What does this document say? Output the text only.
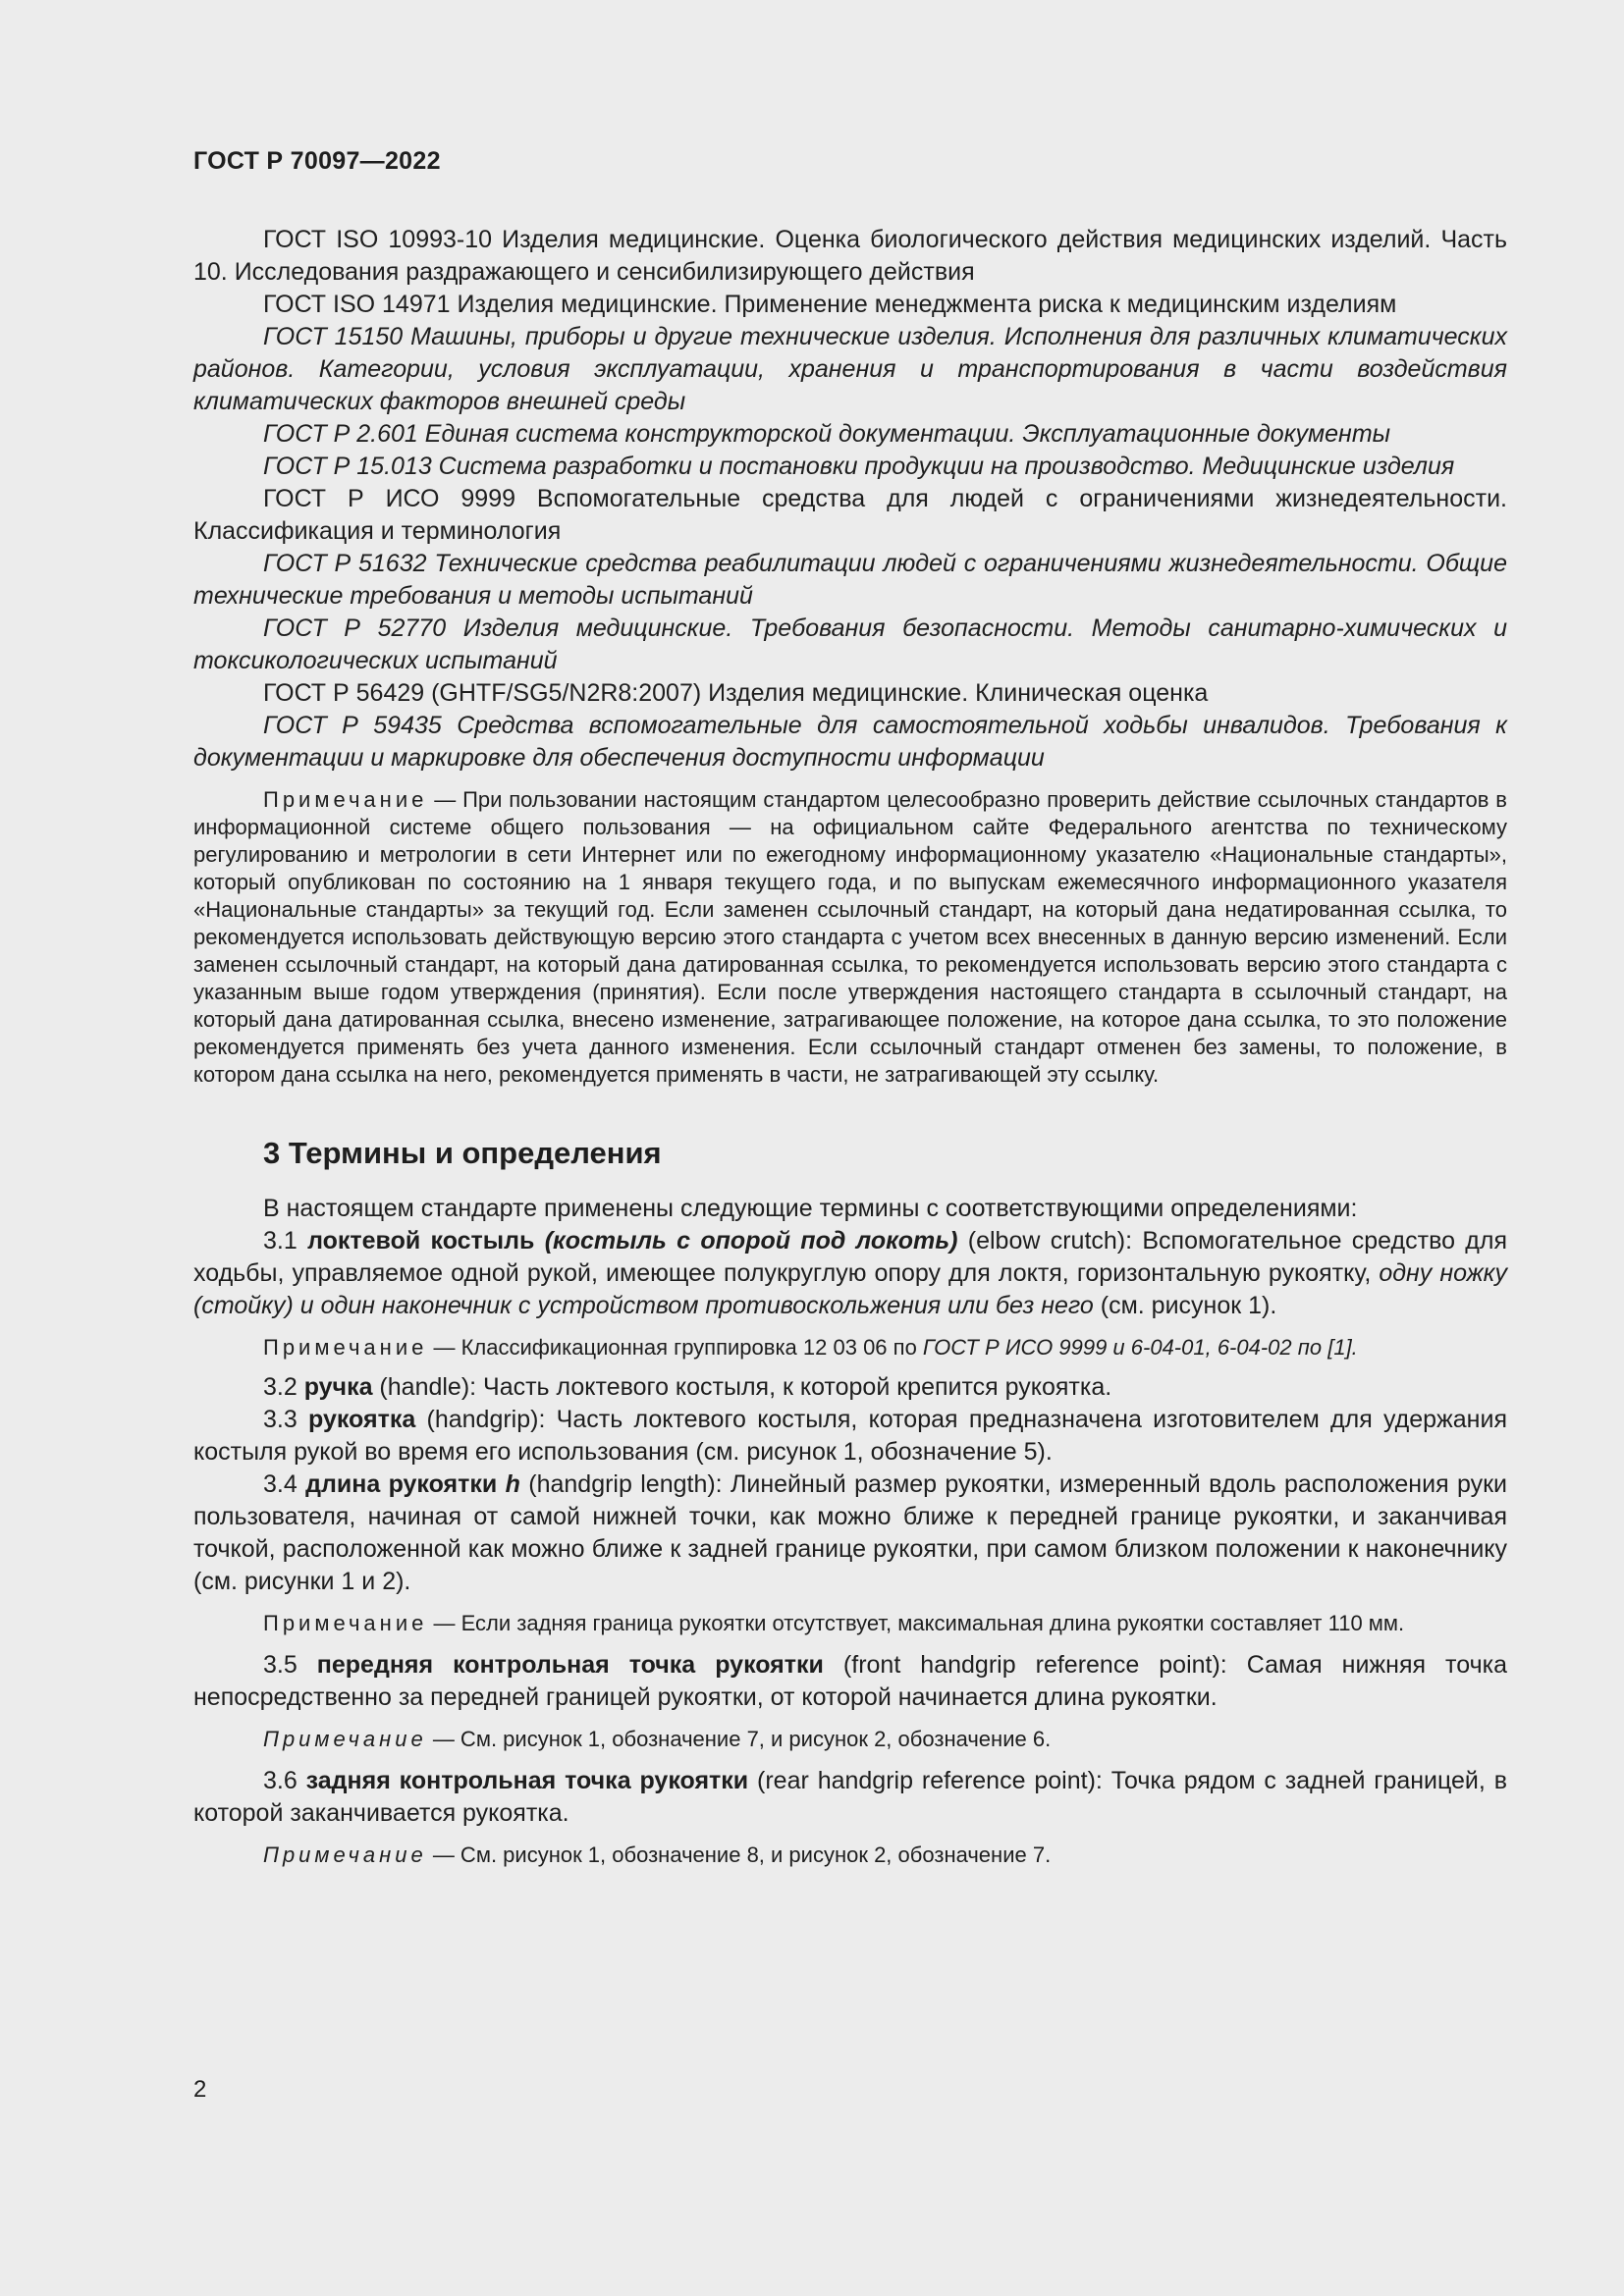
ГОСТ Р 70097—2022

ГОСТ ISO 10993-10 Изделия медицинские. Оценка биологического действия медицинских изделий. Часть 10. Исследования раздражающего и сенсибилизирующего действия

ГОСТ ISO 14971 Изделия медицинские. Применение менеджмента риска к медицинским изделиям

ГОСТ 15150 Машины, приборы и другие технические изделия. Исполнения для различных климатических районов. Категории, условия эксплуатации, хранения и транспортирования в части воздействия климатических факторов внешней среды

ГОСТ Р 2.601 Единая система конструкторской документации. Эксплуатационные документы

ГОСТ Р 15.013 Система разработки и постановки продукции на производство. Медицинские изделия

ГОСТ Р ИСО 9999 Вспомогательные средства для людей с ограничениями жизнедеятельности. Классификация и терминология

ГОСТ Р 51632 Технические средства реабилитации людей с ограничениями жизнедеятельности. Общие технические требования и методы испытаний

ГОСТ Р 52770 Изделия медицинские. Требования безопасности. Методы санитарно-химических и токсикологических испытаний

ГОСТ Р 56429 (GHTF/SG5/N2R8:2007) Изделия медицинские. Клиническая оценка

ГОСТ Р 59435 Средства вспомогательные для самостоятельной ходьбы инвалидов. Требования к документации и маркировке для обеспечения доступности информации

Примечание — При пользовании настоящим стандартом целесообразно проверить действие ссылочных стандартов в информационной системе общего пользования — на официальном сайте Федерального агентства по техническому регулированию и метрологии в сети Интернет или по ежегодному информационному указателю «Национальные стандарты», который опубликован по состоянию на 1 января текущего года, и по выпускам ежемесячного информационного указателя «Национальные стандарты» за текущий год. Если заменен ссылочный стандарт, на который дана недатированная ссылка, то рекомендуется использовать действующую версию этого стандарта с учетом всех внесенных в данную версию изменений. Если заменен ссылочный стандарт, на который дана датированная ссылка, то рекомендуется использовать версию этого стандарта с указанным выше годом утверждения (принятия). Если после утверждения настоящего стандарта в ссылочный стандарт, на который дана датированная ссылка, внесено изменение, затрагивающее положение, на которое дана ссылка, то это положение рекомендуется применять без учета данного изменения. Если ссылочный стандарт отменен без замены, то положение, в котором дана ссылка на него, рекомендуется применять в части, не затрагивающей эту ссылку.

3 Термины и определения

В настоящем стандарте применены следующие термины с соответствующими определениями:

3.1 локтевой костыль (костыль с опорой под локоть) (elbow crutch): Вспомогательное средство для ходьбы, управляемое одной рукой, имеющее полукруглую опору для локтя, горизонтальную рукоятку, одну ножку (стойку) и один наконечник с устройством противоскольжения или без него (см. рисунок 1).

Примечание — Классификационная группировка 12 03 06 по ГОСТ Р ИСО 9999 и 6-04-01, 6-04-02 по [1].

3.2 ручка (handle): Часть локтевого костыля, к которой крепится рукоятка.

3.3 рукоятка (handgrip): Часть локтевого костыля, которая предназначена изготовителем для удержания костыля рукой во время его использования (см. рисунок 1, обозначение 5).

3.4 длина рукоятки h (handgrip length): Линейный размер рукоятки, измеренный вдоль расположения руки пользователя, начиная от самой нижней точки, как можно ближе к передней границе рукоятки, и заканчивая точкой, расположенной как можно ближе к задней границе рукоятки, при самом близком положении к наконечнику (см. рисунки 1 и 2).

Примечание — Если задняя граница рукоятки отсутствует, максимальная длина рукоятки составляет 110 мм.

3.5 передняя контрольная точка рукоятки (front handgrip reference point): Самая нижняя точка непосредственно за передней границей рукоятки, от которой начинается длина рукоятки.

Примечание — См. рисунок 1, обозначение 7, и рисунок 2, обозначение 6.

3.6 задняя контрольная точка рукоятки (rear handgrip reference point): Точка рядом с задней границей, в которой заканчивается рукоятка.

Примечание — См. рисунок 1, обозначение 8, и рисунок 2, обозначение 7.

2
